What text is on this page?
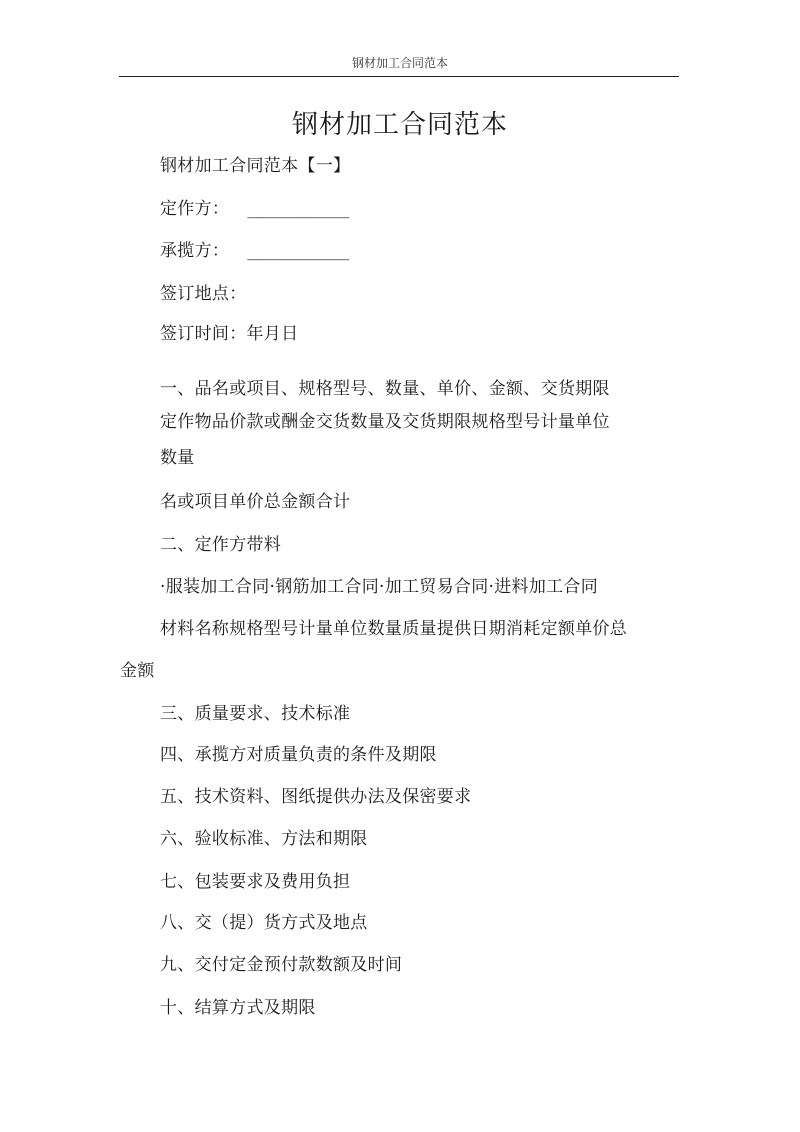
钢材加工合同范本
钢材加工合同范本
钢材加工合同范本【一】
定作方： ____________
承揽方： ____________
签订地点：
签订时间：年月日
一、品名或项目、规格型号、数量、单价、金额、交货期限
定作物品价款或酬金交货数量及交货期限规格型号计量单位
数量
名或项目单价总金额合计
二、定作方带料
·服装加工合同·钢筋加工合同·加工贸易合同·进料加工合同
材料名称规格型号计量单位数量质量提供日期消耗定额单价总
金额
三、质量要求、技术标准
四、承揽方对质量负责的条件及期限
五、技术资料、图纸提供办法及保密要求
六、验收标准、方法和期限
七、包装要求及费用负担
八、交（提）货方式及地点
九、交付定金预付款数额及时间
十、结算方式及期限
